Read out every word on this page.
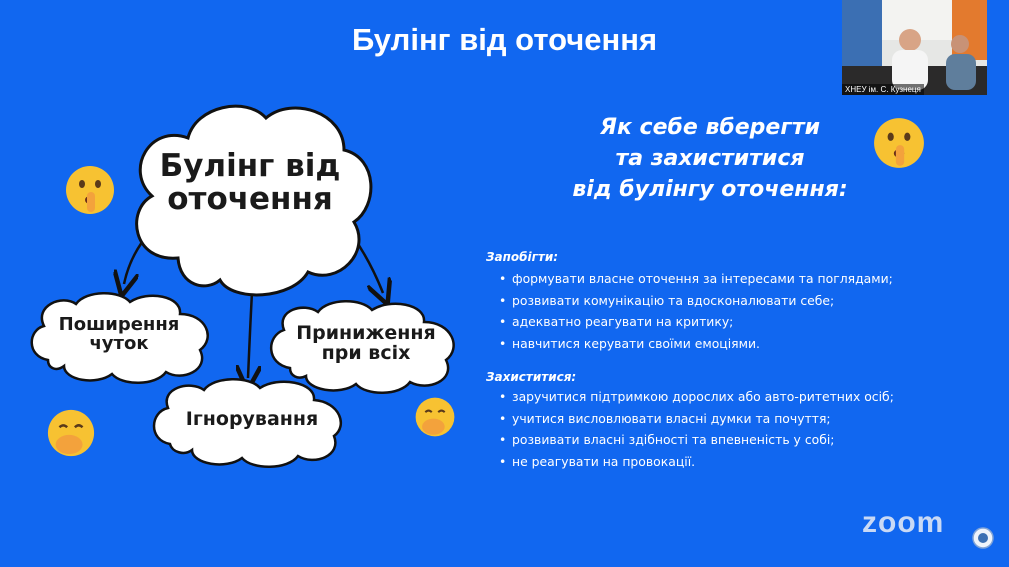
Булінг від оточення
Булінг від
оточення
Поширення
чуток	Приниження
при всіх
Ігнорування
Як себе вберегти
та захиститися
від булінгу оточення:
Запобігти:
• формувати власне оточення за інтересами та поглядами;
• розвивати комунікацію та вдосконалювати себе;
• адекватно реагувати на критику;
• навчитися керувати своїми емоціями.
Захиститися:
• заручитися підтримкою дорослих або авто-ритетних осіб;
• учитися висловлювати власні думки та почуття;
• розвивати власні здібності та впевненість у собі;
• не реагувати на провокації.
ХНЕУ ім. С. Кузнеця
zoom
